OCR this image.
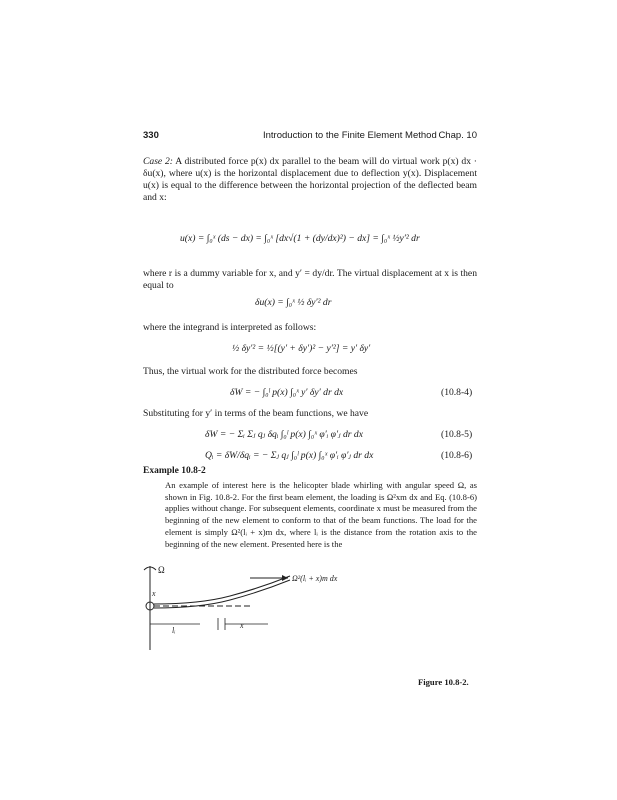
330	Introduction to the Finite Element Method Chap. 10
Case 2: A distributed force p(x) dx parallel to the beam will do virtual work p(x) dx · δu(x), where u(x) is the horizontal displacement due to deflection y(x). Displacement u(x) is equal to the difference between the horizontal projection of the deflected beam and x:
u(x) = ∫₀ˣ (ds − dx) = ∫₀ˣ [dx√(1 + (dy/dx)²) − dx] = ∫₀ˣ ½y′² dr
where r is a dummy variable for x, and y′ = dy/dr. The virtual displacement at x is then equal to
δu(x) = ∫₀ˣ ½ δy′² dr
where the integrand is interpreted as follows:
½ δy′² = ½[(y′ + δy′)² − y′²] = y′ δy′
Thus, the virtual work for the distributed force becomes
δW = − ∫₀ˡ p(x) ∫₀ˣ y′ δy′ dr dx	(10.8-4)
Substituting for y′ in terms of the beam functions, we have
δW = − Σᵢ Σⱼ qⱼ δqᵢ ∫₀ˡ p(x) ∫₀ˣ φ′ᵢ φ′ⱼ dr dx	(10.8-5)
Qᵢ = δW/δqᵢ = − Σⱼ qⱼ ∫₀ˡ p(x) ∫₀ˣ φ′ᵢ φ′ⱼ dr dx	(10.8-6)
Example 10.8-2
An example of interest here is the helicopter blade whirling with angular speed Ω, as shown in Fig. 10.8-2. For the first beam element, the loading is Ω²xm dx and Eq. (10.8-6) applies without change. For subsequent elements, coordinate x must be measured from the beginning of the new element to conform to that of the beam functions. The load for the element is simply Ω²(lᵢ + x)m dx, where lᵢ is the distance from the rotation axis to the beginning of the new element. Presented here is the
Ω
x
Ω²(lᵢ + x)m dx
lᵢ
x
Figure 10.8-2.
